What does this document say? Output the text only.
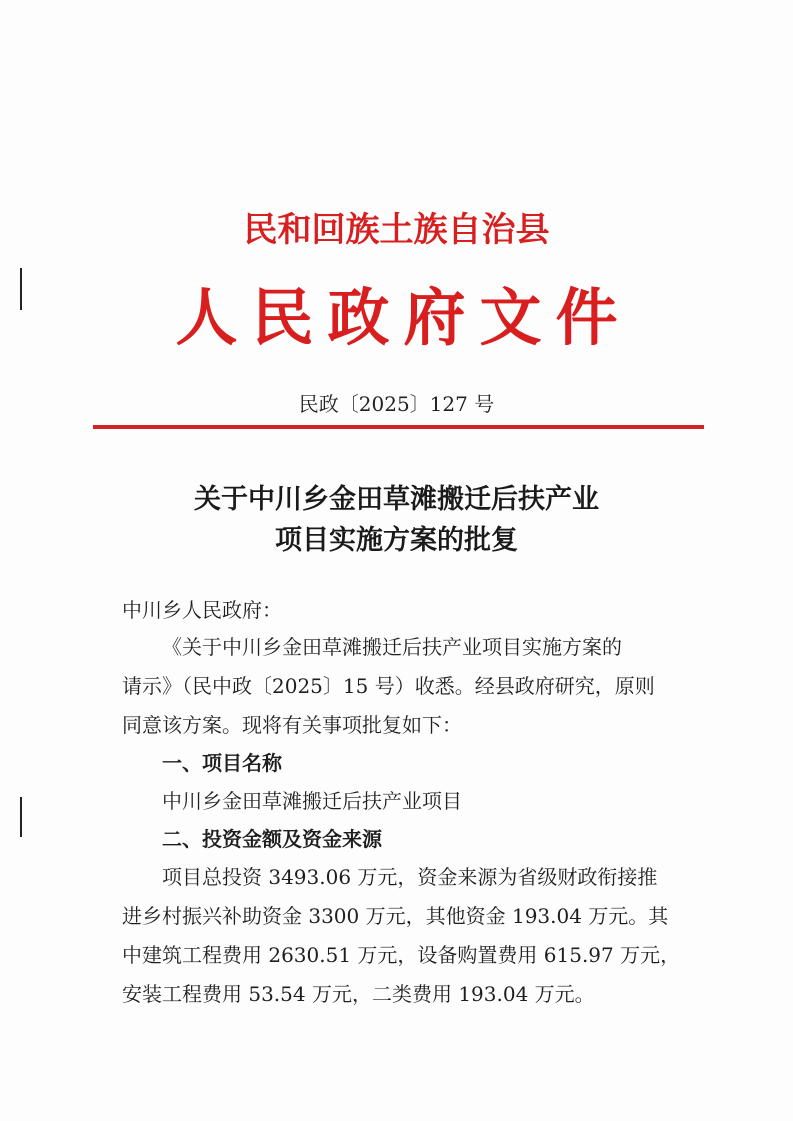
民和回族土族自治县
人民政府文件
民政〔2025〕127 号
关于中川乡金田草滩搬迁后扶产业
项目实施方案的批复
中川乡人民政府：
《关于中川乡金田草滩搬迁后扶产业项目实施方案的
请示》（民中政〔2025〕15 号）收悉。经县政府研究，原则
同意该方案。现将有关事项批复如下：
一、项目名称
中川乡金田草滩搬迁后扶产业项目
二、投资金额及资金来源
项目总投资 3493.06 万元，资金来源为省级财政衔接推
进乡村振兴补助资金 3300 万元，其他资金 193.04 万元。其
中建筑工程费用 2630.51 万元，设备购置费用 615.97 万元，
安装工程费用 53.54 万元，二类费用 193.04 万元。
